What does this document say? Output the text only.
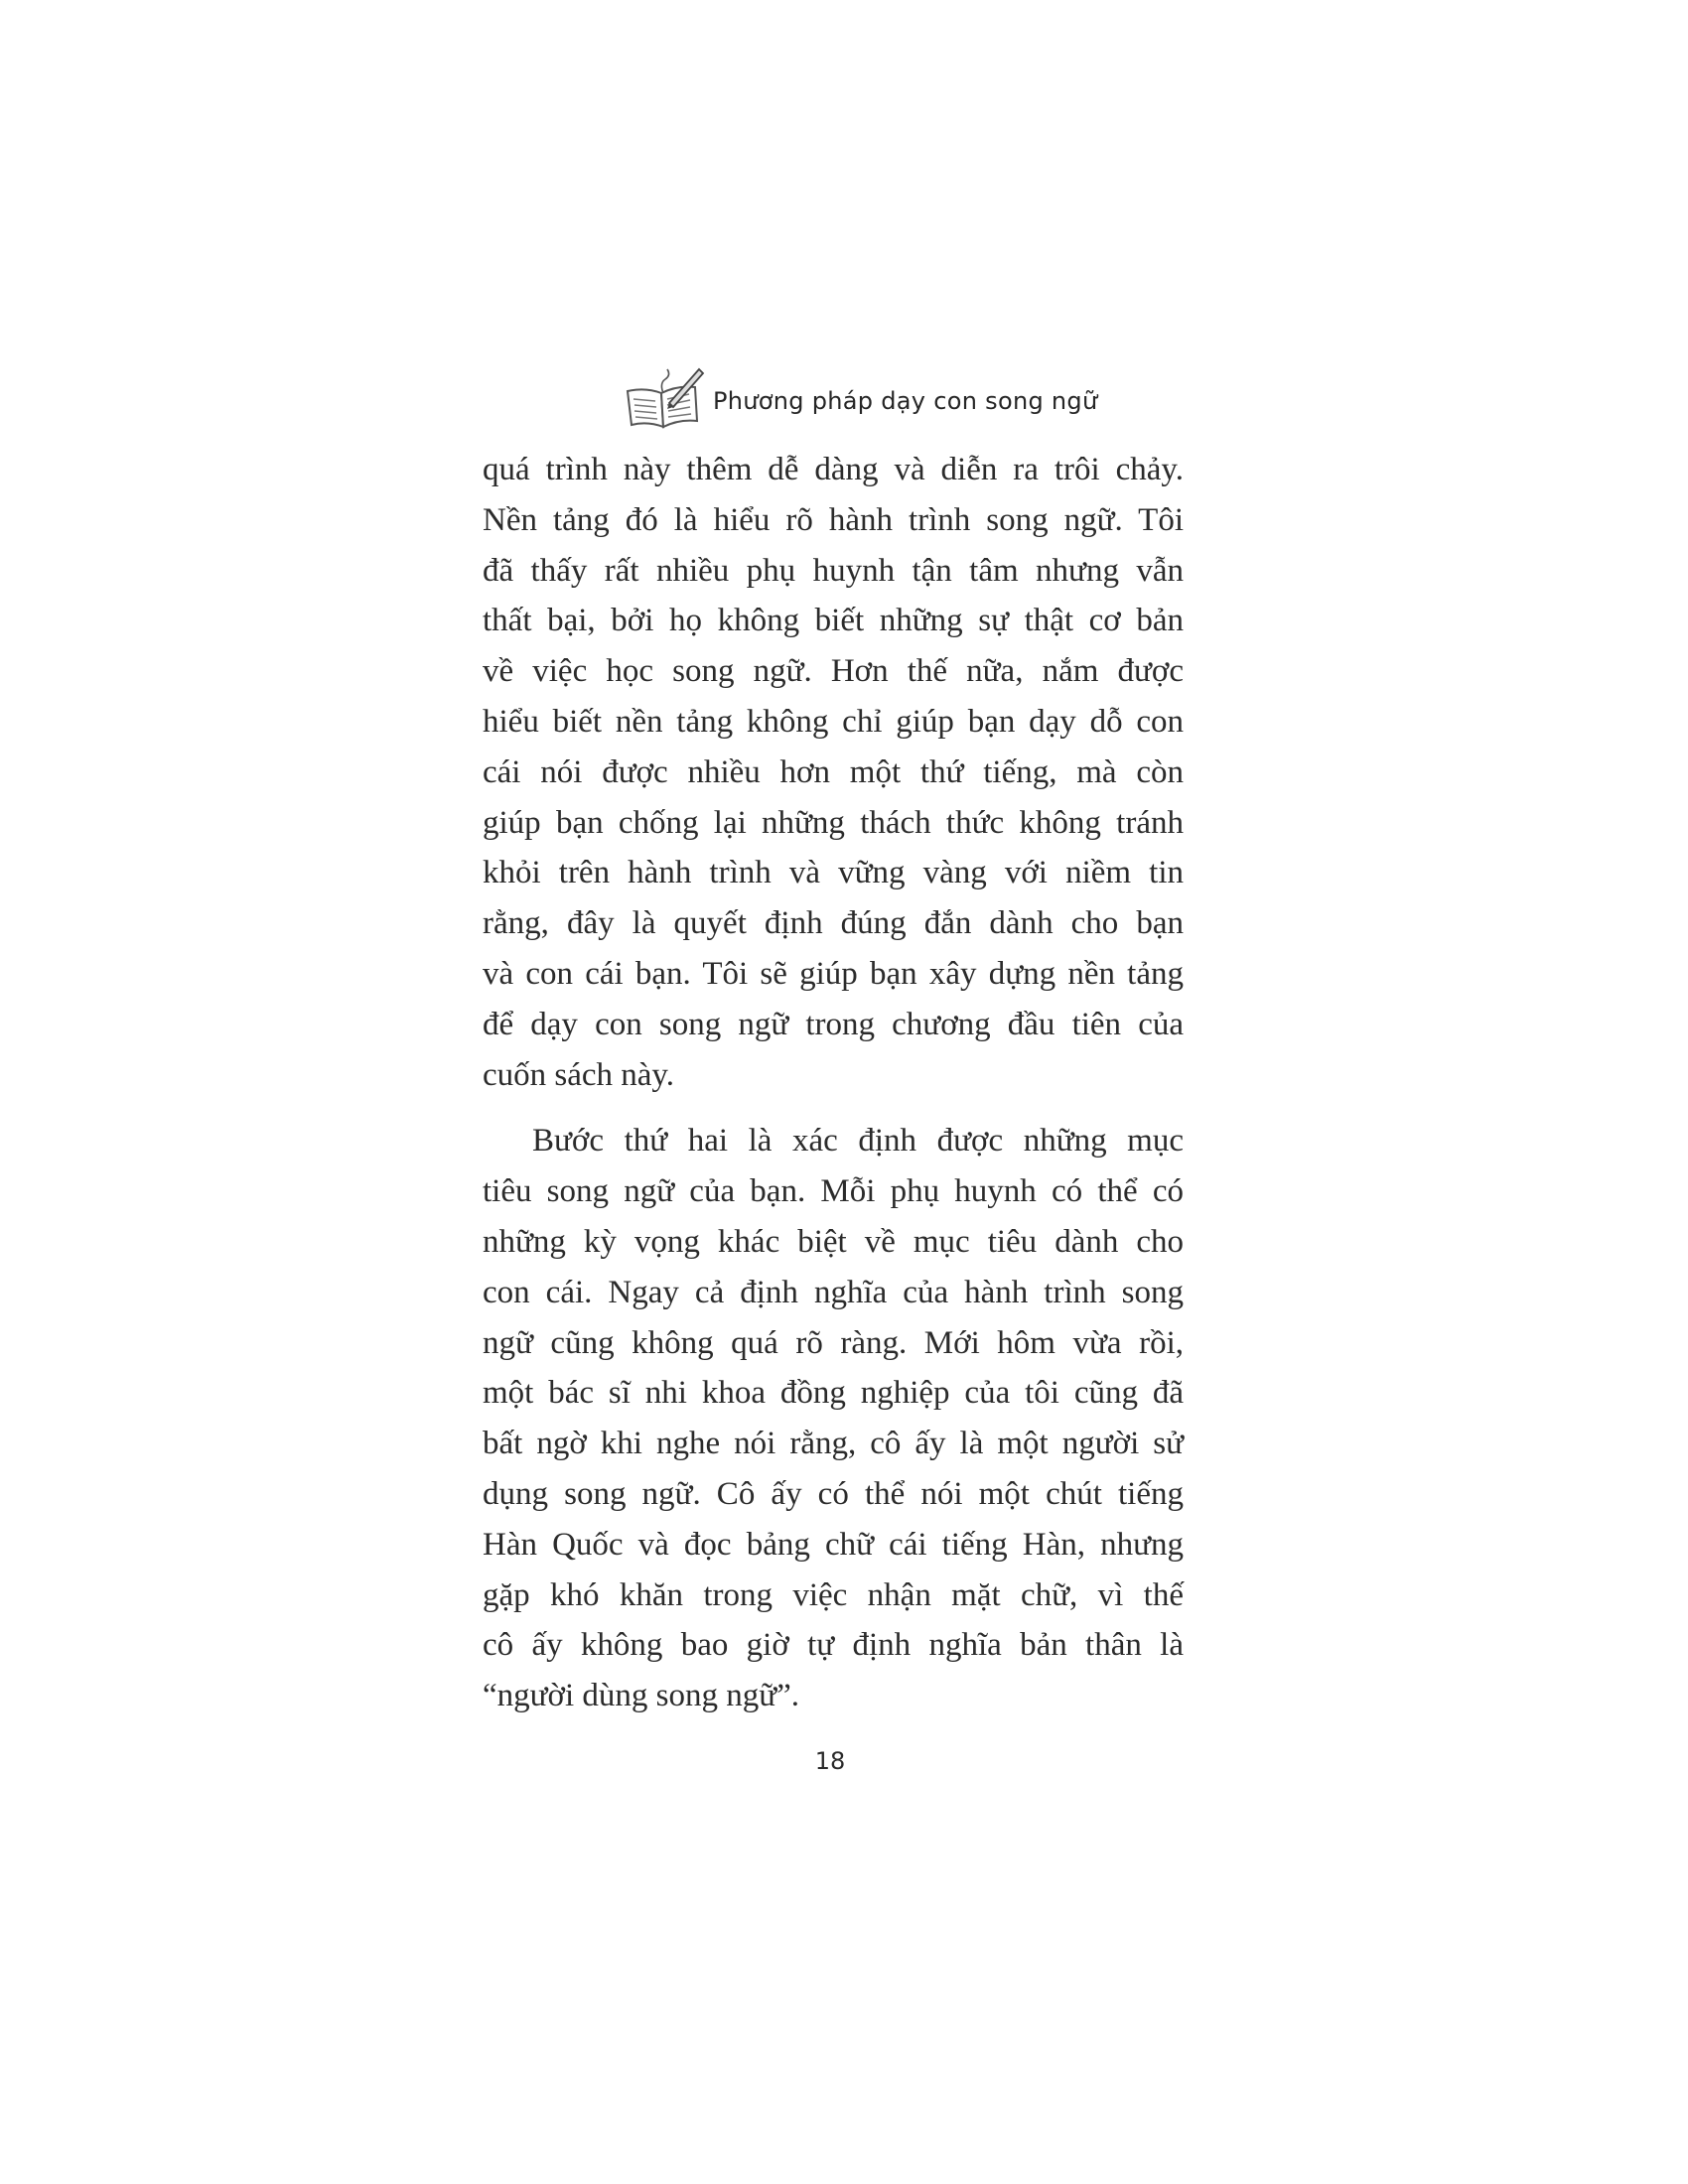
Phương pháp dạy con song ngữ

quá trình này thêm dễ dàng và diễn ra trôi chảy.
Nền tảng đó là hiểu rõ hành trình song ngữ. Tôi
đã thấy rất nhiều phụ huynh tận tâm nhưng vẫn
thất bại, bởi họ không biết những sự thật cơ bản
về việc học song ngữ. Hơn thế nữa, nắm được
hiểu biết nền tảng không chỉ giúp bạn dạy dỗ con
cái nói được nhiều hơn một thứ tiếng, mà còn
giúp bạn chống lại những thách thức không tránh
khỏi trên hành trình và vững vàng với niềm tin
rằng, đây là quyết định đúng đắn dành cho bạn
và con cái bạn. Tôi sẽ giúp bạn xây dựng nền tảng
để dạy con song ngữ trong chương đầu tiên của
cuốn sách này.

Bước thứ hai là xác định được những mục
tiêu song ngữ của bạn. Mỗi phụ huynh có thể có
những kỳ vọng khác biệt về mục tiêu dành cho
con cái. Ngay cả định nghĩa của hành trình song
ngữ cũng không quá rõ ràng. Mới hôm vừa rồi,
một bác sĩ nhi khoa đồng nghiệp của tôi cũng đã
bất ngờ khi nghe nói rằng, cô ấy là một người sử
dụng song ngữ. Cô ấy có thể nói một chút tiếng
Hàn Quốc và đọc bảng chữ cái tiếng Hàn, nhưng
gặp khó khăn trong việc nhận mặt chữ, vì thế
cô ấy không bao giờ tự định nghĩa bản thân là
“người dùng song ngữ”.

18
